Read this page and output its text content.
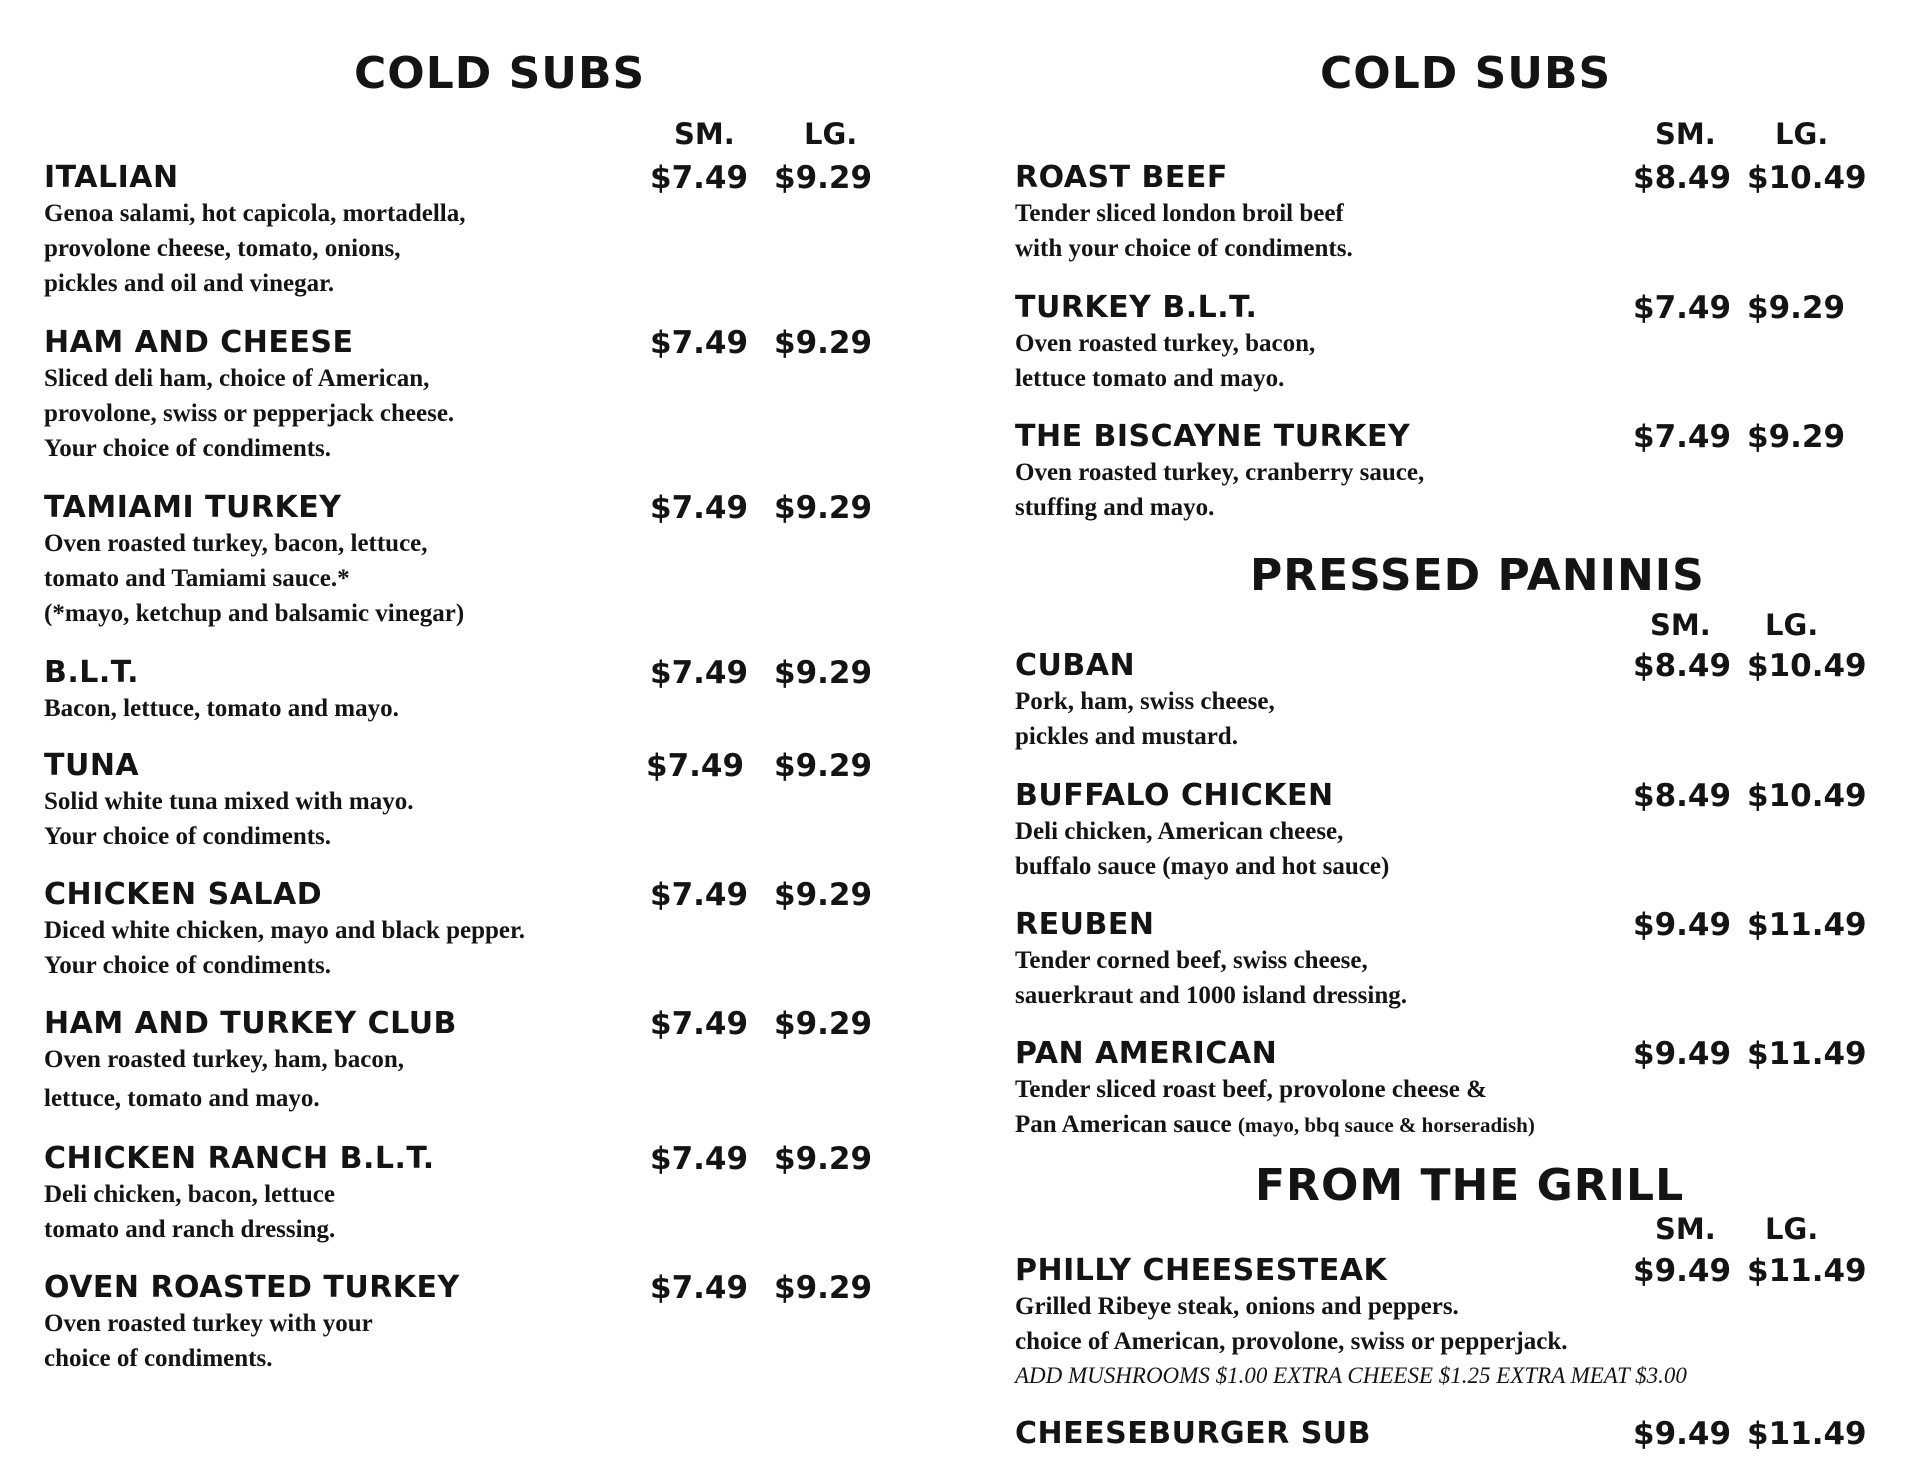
COLD SUBS
SM. LG.
ITALIAN	$7.49 $9.29
Genoa salami, hot capicola, mortadella,
provolone cheese, tomato, onions,
pickles and oil and vinegar.
HAM AND CHEESE	$7.49 $9.29
Sliced deli ham, choice of American,
provolone, swiss or pepperjack cheese.
Your choice of condiments.
TAMIAMI TURKEY	$7.49 $9.29
Oven roasted turkey, bacon, lettuce,
tomato and Tamiami sauce.*
(*mayo, ketchup and balsamic vinegar)
B.L.T.	$7.49 $9.29
Bacon, lettuce, tomato and mayo.
TUNA	$7.49 $9.29
Solid white tuna mixed with mayo.
Your choice of condiments.
CHICKEN SALAD	$7.49 $9.29
Diced white chicken, mayo and black pepper.
Your choice of condiments.
HAM AND TURKEY CLUB	$7.49 $9.29
Oven roasted turkey, ham, bacon,
lettuce, tomato and mayo.
CHICKEN RANCH B.L.T.	$7.49 $9.29
Deli chicken, bacon, lettuce
tomato and ranch dressing.
OVEN ROASTED TURKEY	$7.49 $9.29
Oven roasted turkey with your
choice of condiments.
COLD SUBS
SM. LG.
ROAST BEEF	$8.49 $10.49
Tender sliced london broil beef
with your choice of condiments.
TURKEY B.L.T.	$7.49 $9.29
Oven roasted turkey, bacon,
lettuce tomato and mayo.
THE BISCAYNE TURKEY	$7.49 $9.29
Oven roasted turkey, cranberry sauce,
stuffing and mayo.
PRESSED PANINIS
SM. LG.
CUBAN	$8.49 $10.49
Pork, ham, swiss cheese,
pickles and mustard.
BUFFALO CHICKEN	$8.49 $10.49
Deli chicken, American cheese,
buffalo sauce (mayo and hot sauce)
REUBEN	$9.49 $11.49
Tender corned beef, swiss cheese,
sauerkraut and 1000 island dressing.
PAN AMERICAN	$9.49 $11.49
Tender sliced roast beef, provolone cheese &
Pan American sauce (mayo, bbq sauce & horseradish)
FROM THE GRILL
SM. LG.
PHILLY CHEESESTEAK	$9.49 $11.49
Grilled Ribeye steak, onions and peppers.
choice of American, provolone, swiss or pepperjack.
ADD MUSHROOMS $1.00 EXTRA CHEESE $1.25 EXTRA MEAT $3.00
CHEESEBURGER SUB	$9.49 $11.49
